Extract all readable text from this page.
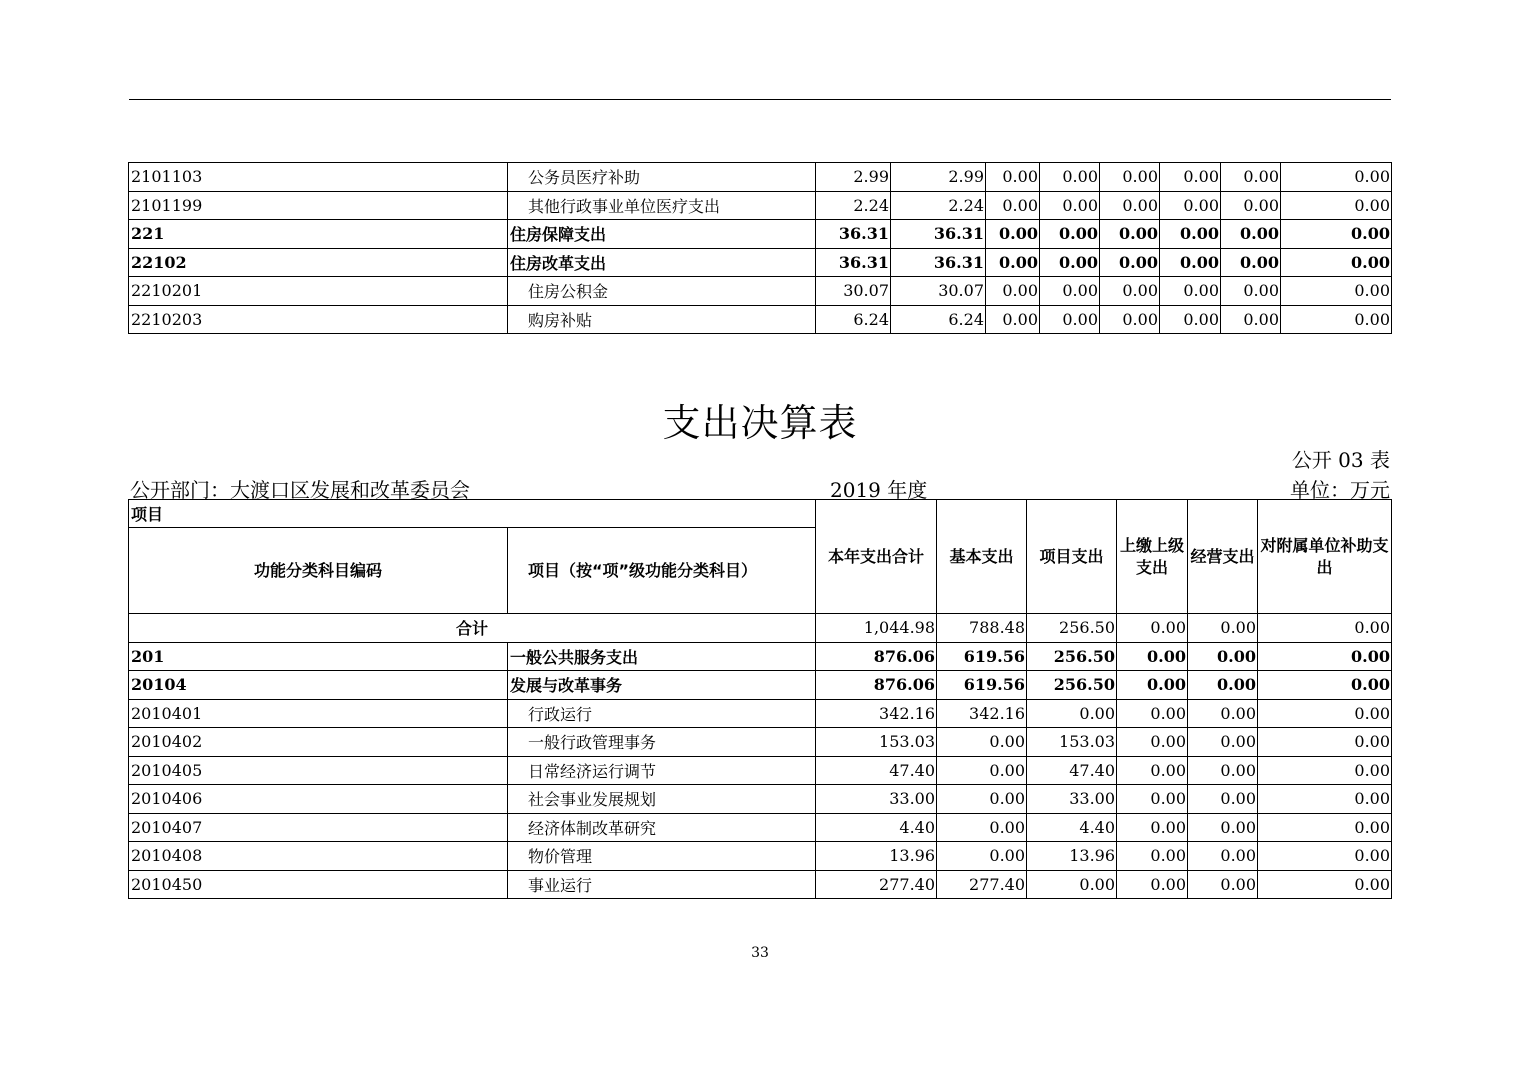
2101103	公务员医疗补助	2.99	2.99	0.00	0.00	0.00	0.00	0.00	0.00
2101199	其他行政事业单位医疗支出	2.24	2.24	0.00	0.00	0.00	0.00	0.00	0.00
221	住房保障支出	36.31	36.31	0.00	0.00	0.00	0.00	0.00	0.00
22102	住房改革支出	36.31	36.31	0.00	0.00	0.00	0.00	0.00	0.00
2210201	住房公积金	30.07	30.07	0.00	0.00	0.00	0.00	0.00	0.00
2210203	购房补贴	6.24	6.24	0.00	0.00	0.00	0.00	0.00	0.00
支出决算表
公开 03 表
公开部门：大渡口区发展和改革委员会	2019 年度	单位：万元
项目		本年支出合计	基本支出	项目支出	上缴上级支出	经营支出	对附属单位补助支出
功能分类科目编码	项目（按“项”级功能分类科目）						
合计		1,044.98	788.48	256.50	0.00	0.00	0.00
201	一般公共服务支出	876.06	619.56	256.50	0.00	0.00	0.00
20104	发展与改革事务	876.06	619.56	256.50	0.00	0.00	0.00
2010401	行政运行	342.16	342.16	0.00	0.00	0.00	0.00
2010402	一般行政管理事务	153.03	0.00	153.03	0.00	0.00	0.00
2010405	日常经济运行调节	47.40	0.00	47.40	0.00	0.00	0.00
2010406	社会事业发展规划	33.00	0.00	33.00	0.00	0.00	0.00
2010407	经济体制改革研究	4.40	0.00	4.40	0.00	0.00	0.00
2010408	物价管理	13.96	0.00	13.96	0.00	0.00	0.00
2010450	事业运行	277.40	277.40	0.00	0.00	0.00	0.00
33
